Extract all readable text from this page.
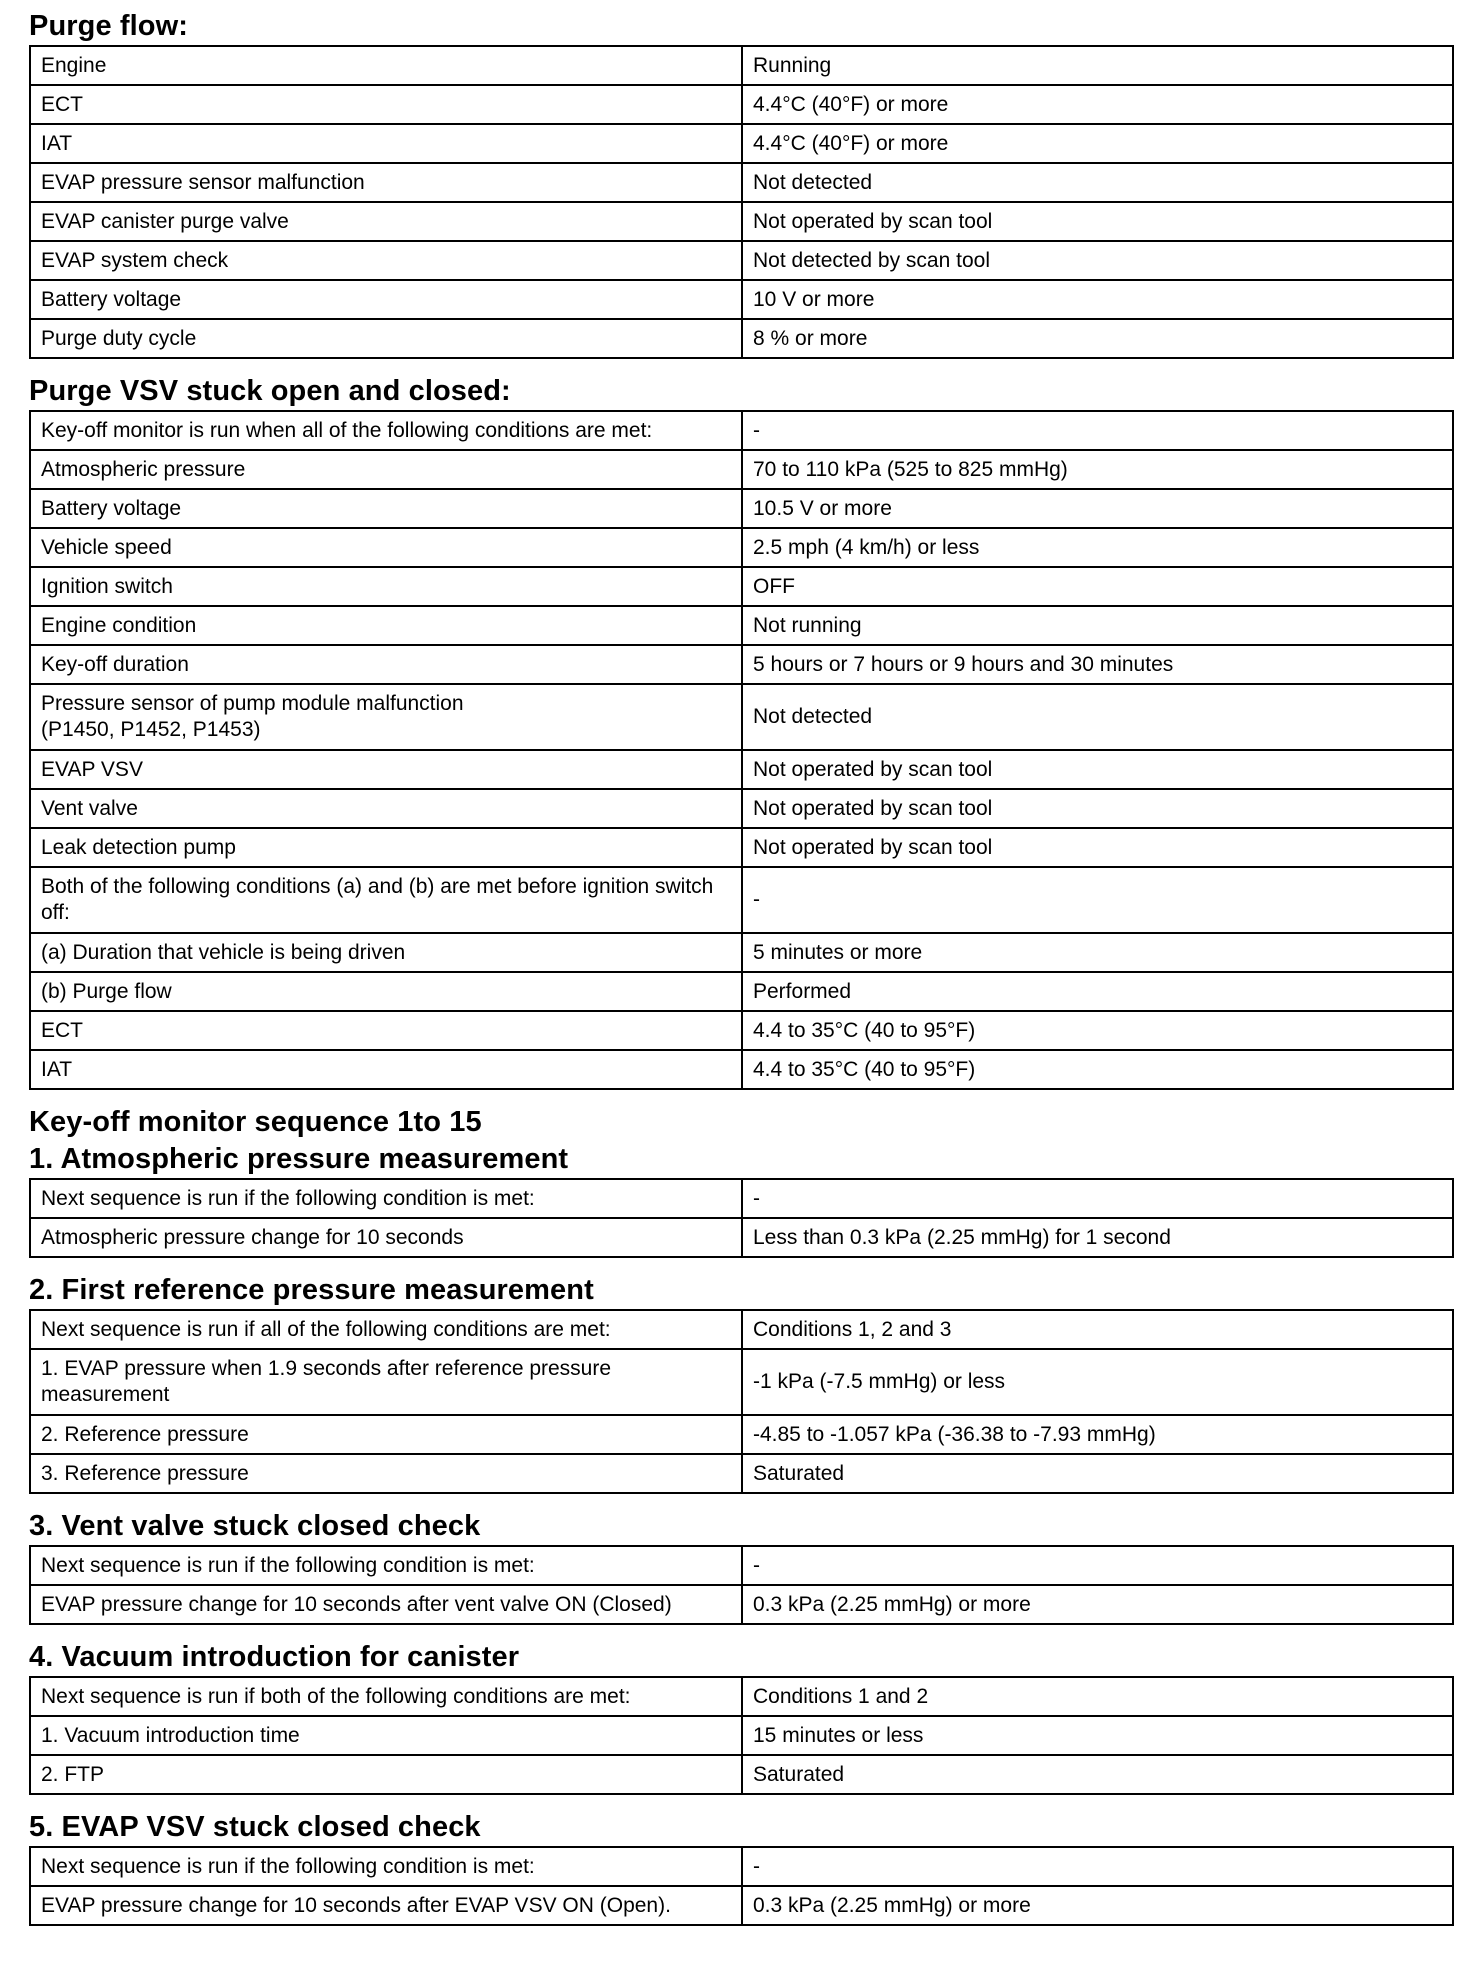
Purge flow:
Engine	Running
ECT	4.4°C (40°F) or more
IAT	4.4°C (40°F) or more
EVAP pressure sensor malfunction	Not detected
EVAP canister purge valve	Not operated by scan tool
EVAP system check	Not detected by scan tool
Battery voltage	10 V or more
Purge duty cycle	8 % or more
Purge VSV stuck open and closed:
Key-off monitor is run when all of the following conditions are met:	-
Atmospheric pressure	70 to 110 kPa (525 to 825 mmHg)
Battery voltage	10.5 V or more
Vehicle speed	2.5 mph (4 km/h) or less
Ignition switch	OFF
Engine condition	Not running
Key-off duration	5 hours or 7 hours or 9 hours and 30 minutes
Pressure sensor of pump module malfunction
(P1450, P1452, P1453)	Not detected
EVAP VSV	Not operated by scan tool
Vent valve	Not operated by scan tool
Leak detection pump	Not operated by scan tool
Both of the following conditions (a) and (b) are met before ignition switch off:	-
(a) Duration that vehicle is being driven	5 minutes or more
(b) Purge flow	Performed
ECT	4.4 to 35°C (40 to 95°F)
IAT	4.4 to 35°C (40 to 95°F)
Key-off monitor sequence 1to 15
1. Atmospheric pressure measurement
Next sequence is run if the following condition is met:	-
Atmospheric pressure change for 10 seconds	Less than 0.3 kPa (2.25 mmHg) for 1 second
2. First reference pressure measurement
Next sequence is run if all of the following conditions are met:	Conditions 1, 2 and 3
1. EVAP pressure when 1.9 seconds after reference pressure measurement	-1 kPa (-7.5 mmHg) or less
2. Reference pressure	-4.85 to -1.057 kPa (-36.38 to -7.93 mmHg)
3. Reference pressure	Saturated
3. Vent valve stuck closed check
Next sequence is run if the following condition is met:	-
EVAP pressure change for 10 seconds after vent valve ON (Closed)	0.3 kPa (2.25 mmHg) or more
4. Vacuum introduction for canister
Next sequence is run if both of the following conditions are met:	Conditions 1 and 2
1. Vacuum introduction time	15 minutes or less
2. FTP	Saturated
5. EVAP VSV stuck closed check
Next sequence is run if the following condition is met:	-
EVAP pressure change for 10 seconds after EVAP VSV ON (Open).	0.3 kPa (2.25 mmHg) or more
